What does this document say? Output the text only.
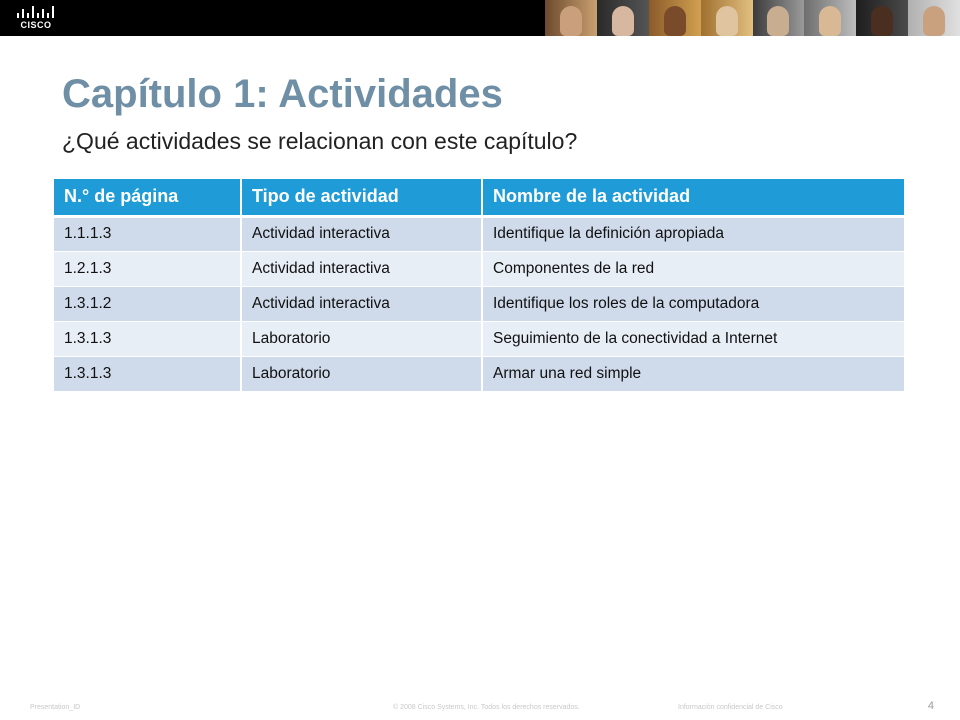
CISCO
Capítulo 1: Actividades
¿Qué actividades se relacionan con este capítulo?
N.° de página	Tipo de actividad	Nombre de la actividad
1.1.1.3	Actividad interactiva	Identifique la definición apropiada
1.2.1.3	Actividad interactiva	Componentes de la red
1.3.1.2	Actividad interactiva	Identifique los roles de la computadora
1.3.1.3	Laboratorio	Seguimiento de la conectividad a Internet
1.3.1.3	Laboratorio	Armar una red simple
Presentation_ID	© 2008 Cisco Systems, Inc. Todos los derechos reservados.	Información confidencial de Cisco	4
